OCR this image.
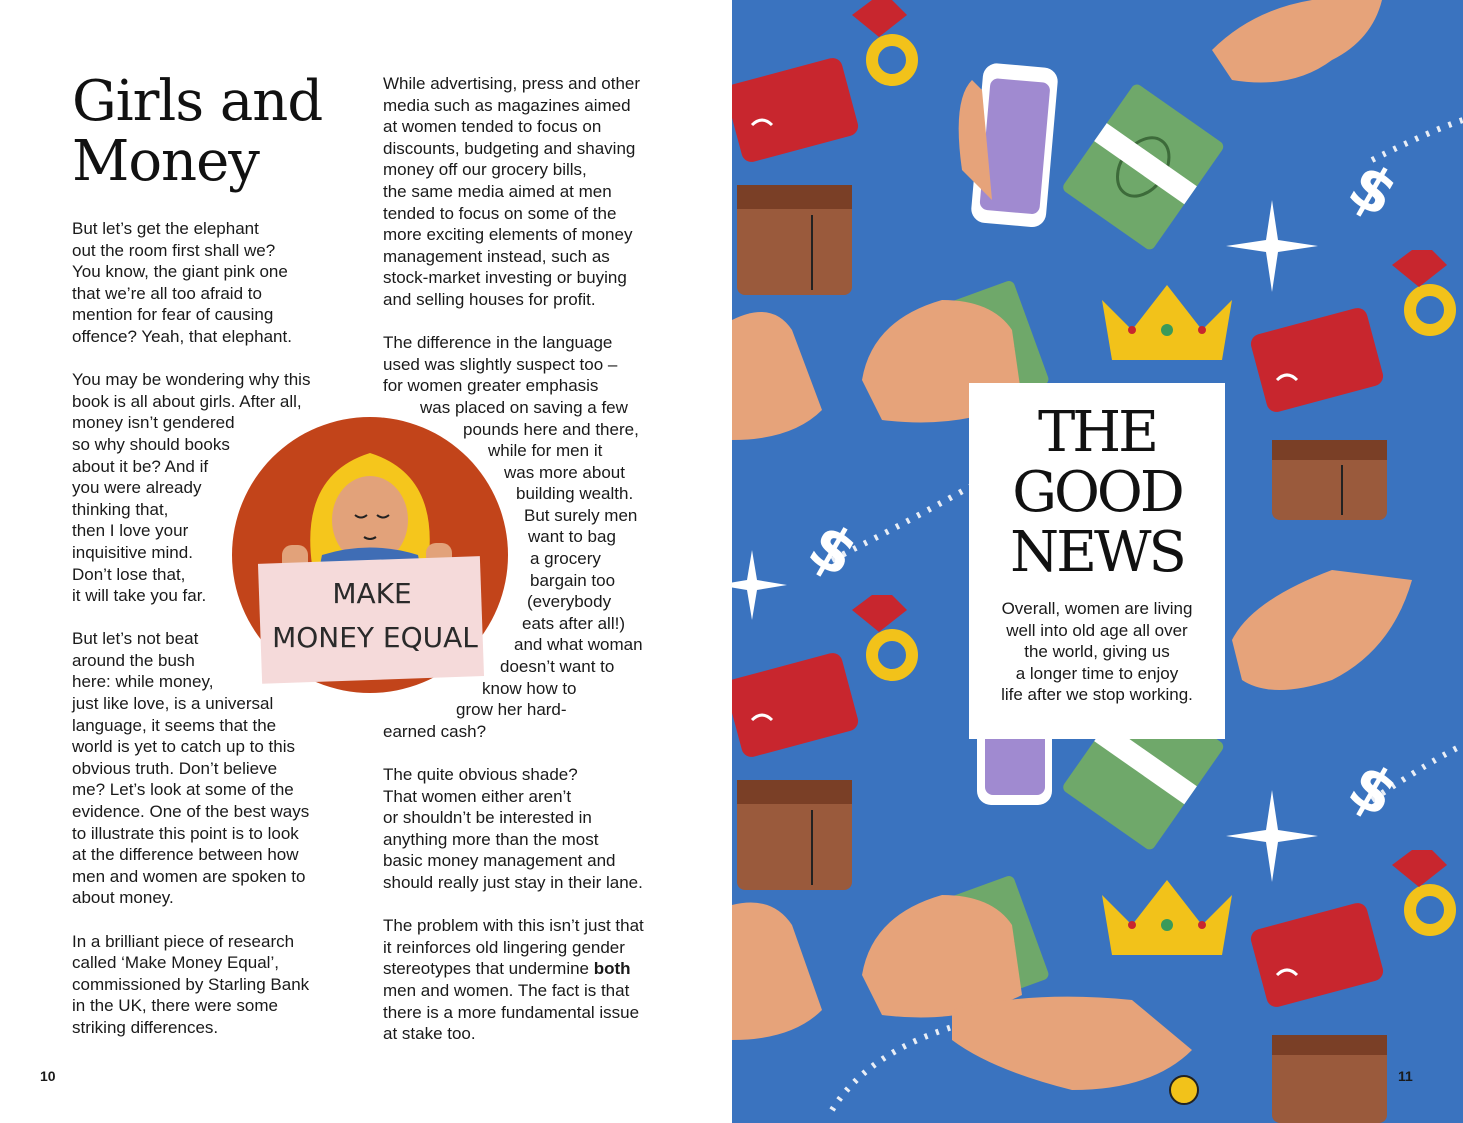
Girls and
Money

But let’s get the elephant
out the room first shall we?
You know, the giant pink one
that we’re all too afraid to
mention for fear of causing
offence? Yeah, that elephant.

You may be wondering why this
book is all about girls. After all,
money isn’t gendered
so why should books
about it be? And if
you were already
thinking that,
then I love your
inquisitive mind.
Don’t lose that,
it will take you far.

But let’s not beat
around the bush
here: while money,
just like love, is a universal
language, it seems that the
world is yet to catch up to this
obvious truth. Don’t believe
me? Let’s look at some of the
evidence. One of the best ways
to illustrate this point is to look
at the difference between how
men and women are spoken to
about money.

In a brilliant piece of research
called ‘Make Money Equal’,
commissioned by Starling Bank
in the UK, there were some
striking differences.

While advertising, press and other
media such as magazines aimed
at women tended to focus on
discounts, budgeting and shaving
money off our grocery bills,
the same media aimed at men
tended to focus on some of the
more exciting elements of money
management instead, such as
stock-market investing or buying
and selling houses for profit.

The difference in the language
used was slightly suspect too –
for women greater emphasis
was placed on saving a few
pounds here and there,
while for men it
was more about
building wealth.
But surely men
want to bag
a grocery
bargain too
(everybody
eats after all!)
and what woman
doesn’t want to
know how to
grow her hard-
earned cash?

The quite obvious shade?
That women either aren’t
or shouldn’t be interested in
anything more than the most
basic money management and
should really just stay in their lane.

The problem with this isn’t just that
it reinforces old lingering gender
stereotypes that undermine both
men and women. The fact is that
there is a more fundamental issue
at stake too.

MAKE
MONEY EQUAL
10
$
$
$
11
THE
GOOD
NEWS
Overall, women are living
well into old age all over
the world, giving us
a longer time to enjoy
life after we stop working.
